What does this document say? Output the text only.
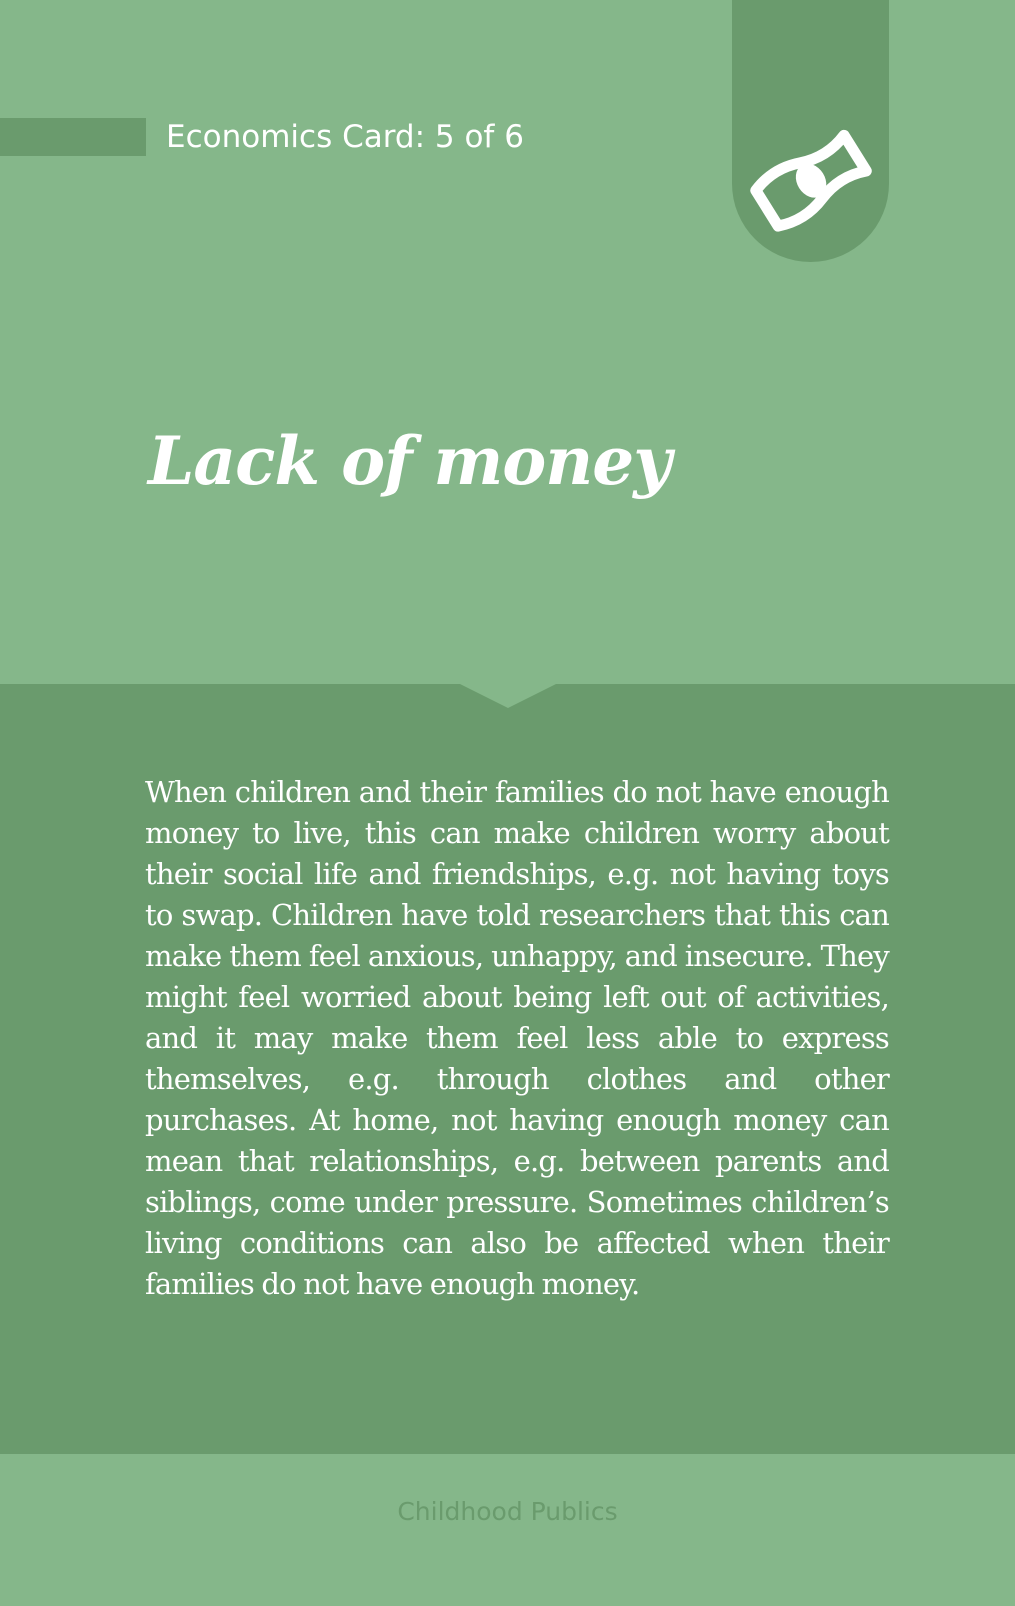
Economics Card: 5 of 6
Lack of money

When children and their families do not have enough money to live, this can make children worry about their social life and friendships, e.g. not having toys to swap. Children have told researchers that this can make them feel anxious, unhappy, and insecure. They might feel worried about being left out of activities, and it may make them feel less able to express themselves, e.g. through clothes and other purchases. At home, not having enough money can mean that relationships, e.g. between parents and siblings, come under pressure. Sometimes children’s living conditions can also be affected when their families do not have enough money.

Childhood Publics
